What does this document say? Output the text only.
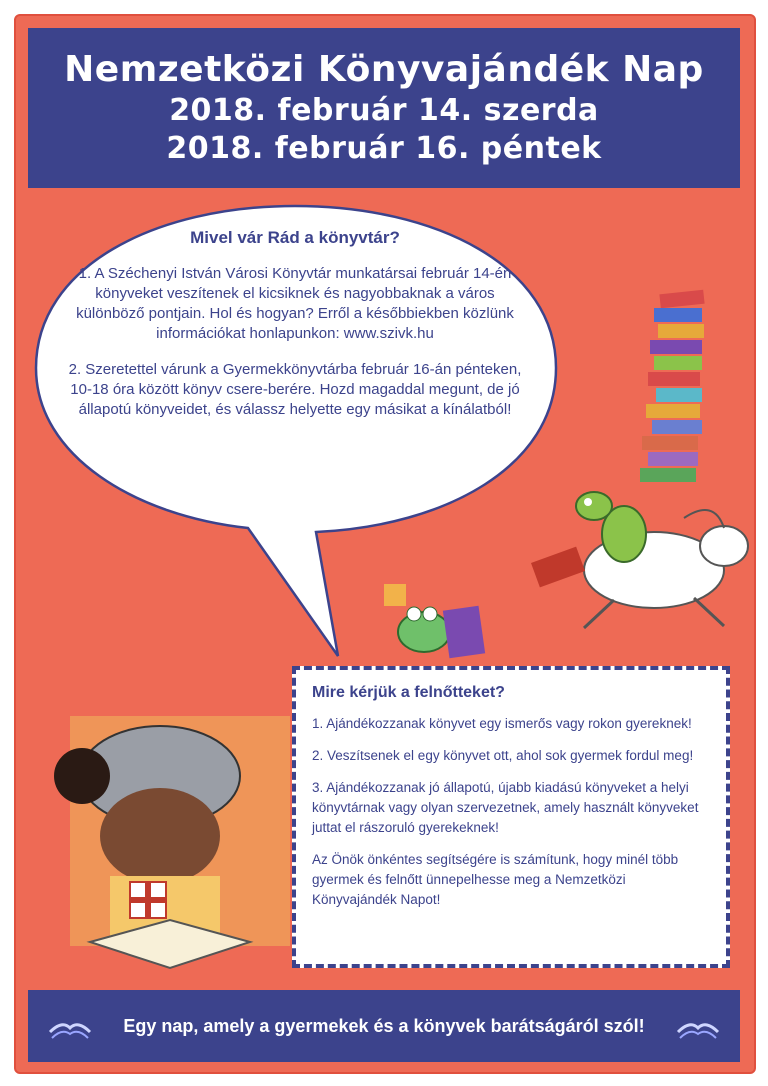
Nemzetközi Könyvajándék Nap
2018. február 14. szerda
2018. február 16. péntek
Mivel vár Rád a könyvtár?

1. A Széchenyi István Városi Könyvtár munkatársai február 14-én könyveket veszítenek el kicsiknek és nagyobbaknak a város különböző pontjain. Hol és hogyan? Erről a későbbiekben közlünk információkat honlapunkon: www.szivk.hu

2. Szeretettel várunk a Gyermekkönyvtárba február 16-án pénteken, 10-18 óra között könyv csere-berére. Hozd magaddal megunt, de jó állapotú könyveidet, és válassz helyette egy másikat a kínálatból!

Mire kérjük a felnőtteket?

1. Ajándékozzanak könyvet egy ismerős vagy rokon gyereknek!

2. Veszítsenek el egy könyvet ott, ahol sok gyermek fordul meg!

3. Ajándékozzanak jó állapotú, újabb kiadású könyveket a helyi könyvtárnak vagy olyan szervezetnek, amely használt könyveket juttat el rászoruló gyerekeknek!

Az Önök önkéntes segítségére is számítunk, hogy minél több gyermek és felnőtt ünnepelhesse meg a Nemzetközi Könyvajándék Napot!

Egy nap, amely a gyermekek és a könyvek barátságáról szól!
